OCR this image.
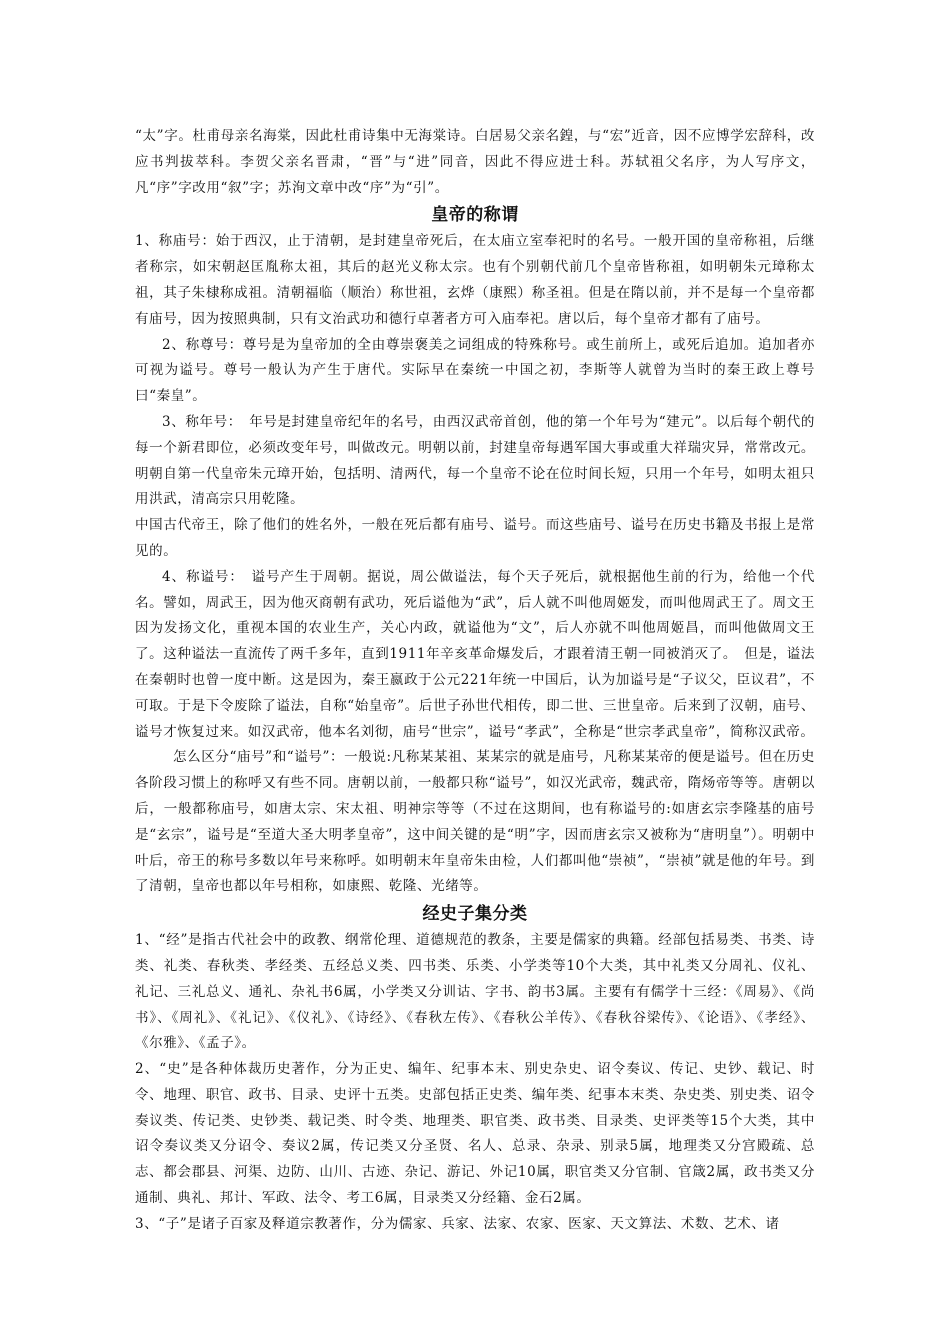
“太”字。杜甫母亲名海棠，因此杜甫诗集中无海棠诗。白居易父亲名鍠，与“宏”近音，因不应博学宏辞科，改应书判拔萃科。李贺父亲名晋肃，“晋”与“进”同音，因此不得应进士科。苏轼祖父名序，为人写序文，凡“序”字改用“叙”字；苏洵文章中改“序”为“引”。

皇帝的称谓

1、称庙号：始于西汉，止于清朝，是封建皇帝死后，在太庙立室奉祀时的名号。一般开国的皇帝称祖，后继者称宗，如宋朝赵匡胤称太祖，其后的赵光义称太宗。也有个别朝代前几个皇帝皆称祖，如明朝朱元璋称太祖，其子朱棣称成祖。清朝福临（顺治）称世祖，玄烨（康熙）称圣祖。但是在隋以前，并不是每一个皇帝都有庙号，因为按照典制，只有文治武功和德行卓著者方可入庙奉祀。唐以后，每个皇帝才都有了庙号。

2、称尊号：尊号是为皇帝加的全由尊崇褒美之词组成的特殊称号。或生前所上，或死后追加。追加者亦可视为谥号。尊号一般认为产生于唐代。实际早在秦统一中国之初，李斯等人就曾为当时的秦王政上尊号曰“秦皇”。

3、称年号：　年号是封建皇帝纪年的名号，由西汉武帝首创，他的第一个年号为“建元”。以后每个朝代的每一个新君即位，必须改变年号，叫做改元。明朝以前，封建皇帝每遇军国大事或重大祥瑞灾异，常常改元。明朝自第一代皇帝朱元璋开始，包括明、清两代，每一个皇帝不论在位时间长短，只用一个年号，如明太祖只用洪武，清高宗只用乾隆。

中国古代帝王，除了他们的姓名外，一般在死后都有庙号、谥号。而这些庙号、谥号在历史书籍及书报上是常见的。

4、称谥号：　谥号产生于周朝。据说，周公做谥法，每个天子死后，就根据他生前的行为，给他一个代名。譬如，周武王，因为他灭商朝有武功，死后谥他为“武”，后人就不叫他周姬发，而叫他周武王了。周文王因为发扬文化，重视本国的农业生产，关心内政，就谥他为“文”，后人亦就不叫他周姬昌，而叫他做周文王了。这种谥法一直流传了两千多年，直到1911年辛亥革命爆发后，才跟着清王朝一同被消灭了。　但是，谥法在秦朝时也曾一度中断。这是因为，秦王嬴政于公元221年统一中国后，认为加谥号是“子议父，臣议君”，不可取。于是下令废除了谥法，自称“始皇帝”。后世子孙世代相传，即二世、三世皇帝。后来到了汉朝，庙号、谥号才恢复过来。如汉武帝，他本名刘彻，庙号“世宗”，谥号“孝武”，全称是“世宗孝武皇帝”，简称汉武帝。

怎么区分“庙号”和“谥号”：一般说:凡称某某祖、某某宗的就是庙号，凡称某某帝的便是谥号。但在历史各阶段习惯上的称呼又有些不同。唐朝以前，一般都只称“谥号”，如汉光武帝，魏武帝，隋炀帝等等。唐朝以后，一般都称庙号，如唐太宗、宋太祖、明神宗等等（不过在这期间，也有称谥号的:如唐玄宗李隆基的庙号是“玄宗”，谥号是“至道大圣大明孝皇帝”，这中间关键的是“明”字，因而唐玄宗又被称为“唐明皇”）。明朝中叶后，帝王的称号多数以年号来称呼。如明朝末年皇帝朱由检，人们都叫他“崇祯”，“崇祯”就是他的年号。到了清朝，皇帝也都以年号相称，如康熙、乾隆、光绪等。

经史子集分类

1、“经”是指古代社会中的政教、纲常伦理、道德规范的教条，主要是儒家的典籍。经部包括易类、书类、诗类、礼类、春秋类、孝经类、五经总义类、四书类、乐类、小学类等10个大类，其中礼类又分周礼、仪礼、礼记、三礼总义、通礼、杂礼书6属，小学类又分训诂、字书、韵书3属。主要有有儒学十三经：《周易》、《尚书》、《周礼》、《礼记》、《仪礼》、《诗经》、《春秋左传》、《春秋公羊传》、《春秋谷梁传》、《论语》、《孝经》、《尔雅》、《孟子》。

2、“史”是各种体裁历史著作，分为正史、编年、纪事本末、别史杂史、诏令奏议、传记、史钞、载记、时令、地理、职官、政书、目录、史评十五类。史部包括正史类、编年类、纪事本末类、杂史类、别史类、诏令奏议类、传记类、史钞类、载记类、时令类、地理类、职官类、政书类、目录类、史评类等15个大类，其中诏令奏议类又分诏令、奏议2属，传记类又分圣贤、名人、总录、杂录、别录5属，地理类又分宫殿疏、总志、都会郡县、河渠、边防、山川、古迹、杂记、游记、外记10属，职官类又分官制、官箴2属，政书类又分通制、典礼、邦计、军政、法令、考工6属，目录类又分经籍、金石2属。

3、“子”是诸子百家及释道宗教著作，分为儒家、兵家、法家、农家、医家、天文算法、术数、艺术、诸
